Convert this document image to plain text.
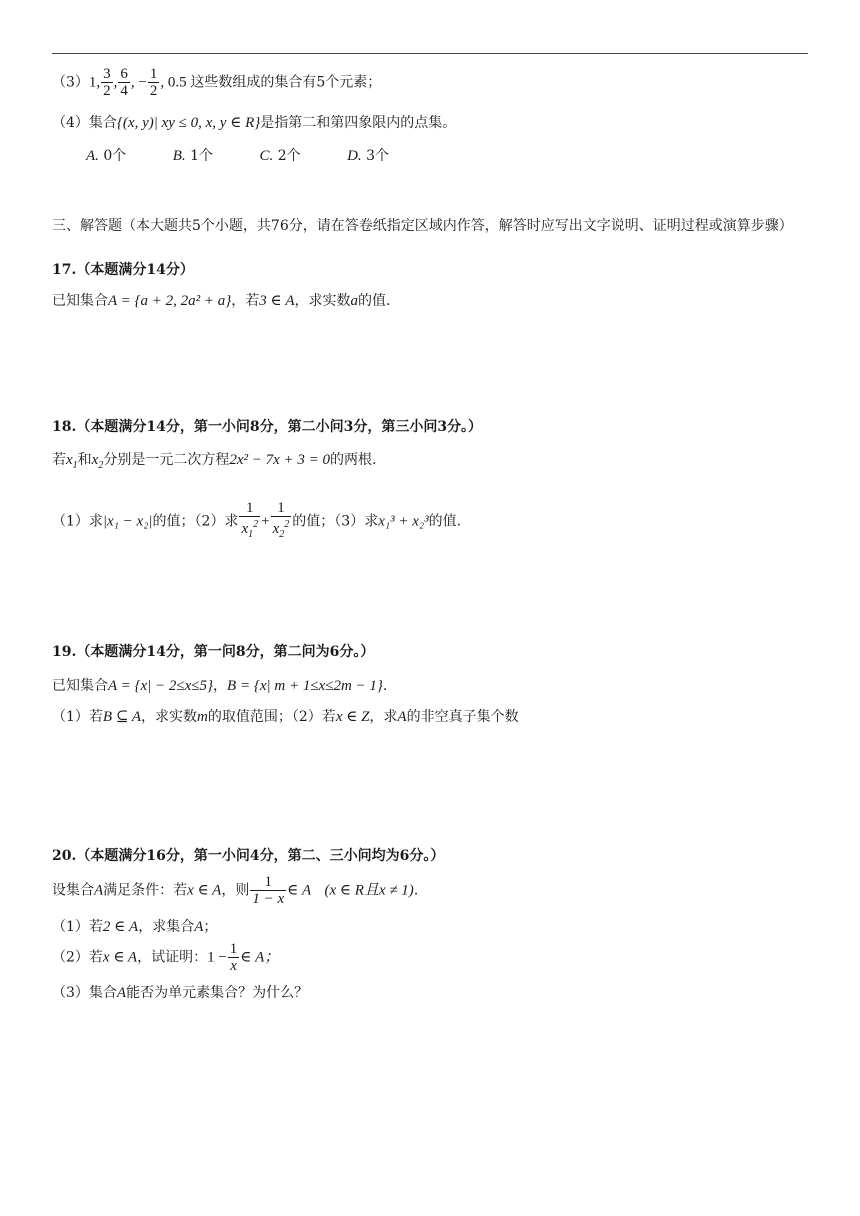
（3）1, $\frac{3}{2}$ , $\frac{6}{4}$ , − $\frac{1}{2}$ , 0.5 这些数组成的集合有5个元素；
（4）集合{(x, y)| xy ≤ 0, x, y ∈ R}是指第二和第四象限内的点集。
A. 0个	B. 1个	C. 2个	D. 3个
三、解答题（本大题共5个小题，共76分，请在答卷纸指定区域内作答，解答时应写出文字说明、证明过程或演算步骤）
17.（本题满分14分）
已知集合A = {a + 2, 2a² + a}，若3 ∈ A，求实数a的值.
18.（本题满分14分，第一小问8分，第二小问3分，第三小问3分。）
若$x_1$和$x_2$分别是一元二次方程2x² − 7x + 3 = 0的两根.
（1）求|x₁ − x₂|的值；（2）求 $\frac{1}{x_1^2} + \frac{1}{x_2^2}$ 的值；（3）求x₁³ + x₂³的值.
19.（本题满分14分，第一问8分，第二问为6分。）
已知集合A = {x| − 2≤x≤5}，B = {x| m + 1≤x≤2m − 1}.
（1）若B ⊆ A，求实数m的取值范围；（2）若x ∈ Z，求A的非空真子集个数
20.（本题满分16分，第一小问4分，第二、三小问均为6分。）
设集合A满足条件：若x ∈ A，则 $\frac{1}{1 - x}$ ∈ A (x ∈ R且x ≠ 1).
（1）若2 ∈ A，求集合A；
（2）若x ∈ A，试证明：$1 - \frac{1}{x}$ ∈ A；
（3）集合A能否为单元素集合？为什么？
